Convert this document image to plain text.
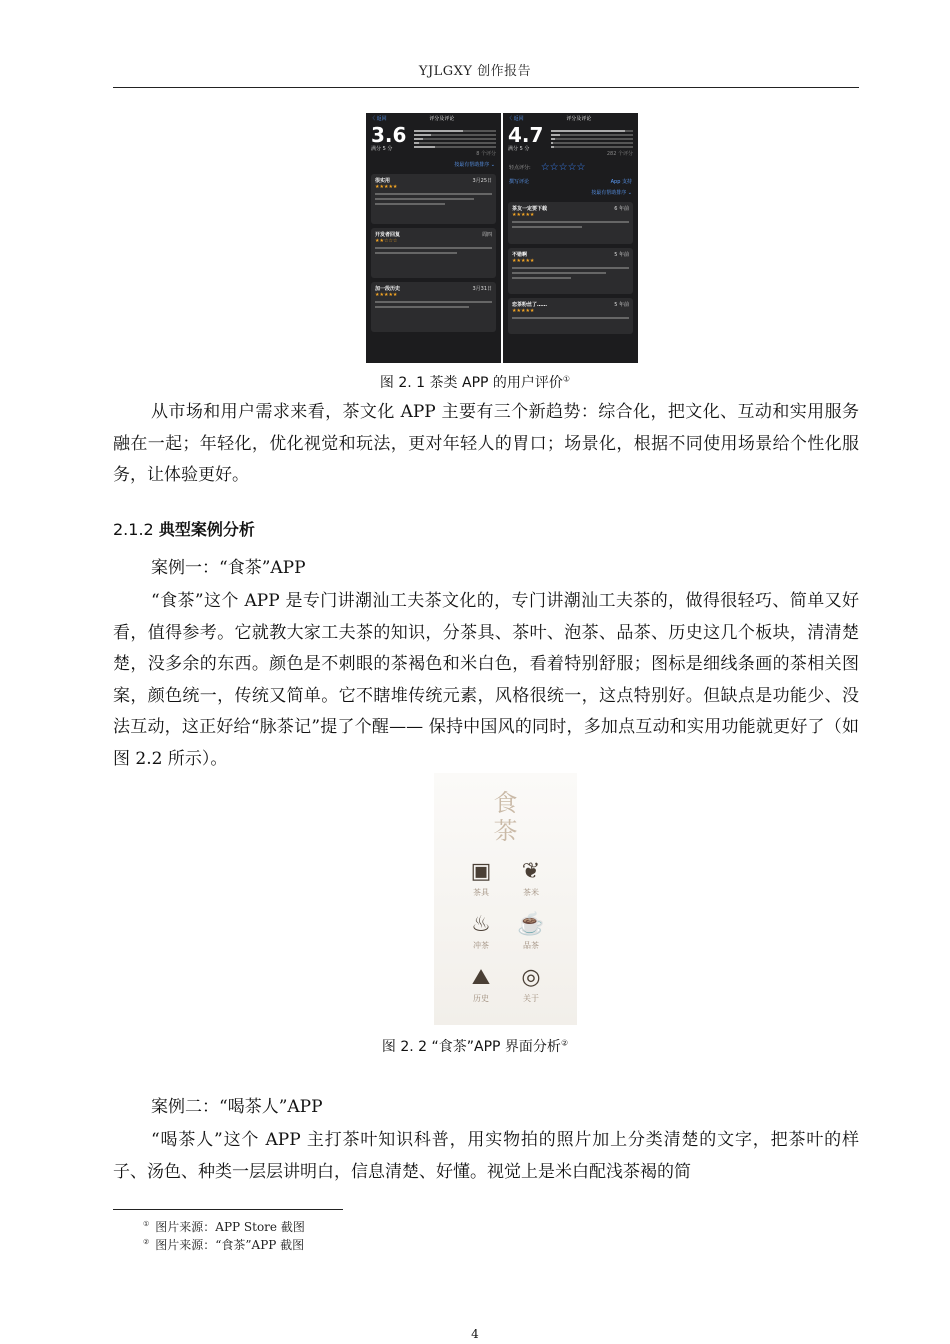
YJLGXY 创作报告
〈 返回	评分及评论
3.6
满分 5 分
8 个评分
按最有帮助排序 ⌄
很实用	3月25日
★★★★★
开发者回复	周四
★★☆☆☆
加一段历史	3月31日
★★★★★
〈 返回	评分及评论
4.7
满分 5 分
282 个评分
轻点评分: ☆☆☆☆☆
撰写评论	App 支持
按最有帮助排序 ⌄
茶友一定要下载	6 年前
★★★★★
不错啊	5 年前
★★★★★
恋茶粉丝了……	5 年前
★★★★★
图 2. 1 茶类 APP 的用户评价①
从市场和用户需求来看，茶文化 APP 主要有三个新趋势：综合化，把文化、互动和实用服务融在一起；年轻化，优化视觉和玩法，更对年轻人的胃口；场景化，根据不同使用场景给个性化服务，让体验更好。
2.1.2 典型案例分析
案例一：“食茶”APP
“食茶”这个 APP 是专门讲潮汕工夫茶文化的，专门讲潮汕工夫茶的，做得很轻巧、简单又好看，值得参考。它就教大家工夫茶的知识，分茶具、茶叶、泡茶、品茶、历史这几个板块，清清楚楚，没多余的东西。颜色是不刺眼的茶褐色和米白色，看着特别舒服；图标是细线条画的茶相关图案，颜色统一，传统又简单。它不瞎堆传统元素，风格很统一，这点特别好。但缺点是功能少、没法互动，这正好给“脉茶记”提了个醒—— 保持中国风的同时，多加点互动和实用功能就更好了（如图 2.2 所示）。
食
茶
▣
茶具
❦
茶米
♨
冲茶
☕
品茶
⛰
历史
◎
关于
图 2. 2 “食茶”APP 界面分析②
案例二：“喝茶人”APP
“喝茶人”这个 APP 主打茶叶知识科普，用实物拍的照片加上分类清楚的文字，把茶叶的样子、汤色、种类一层层讲明白，信息清楚、好懂。视觉上是米白配浅茶褐的简
① 图片来源：APP Store 截图
② 图片来源：“食茶”APP 截图
4
